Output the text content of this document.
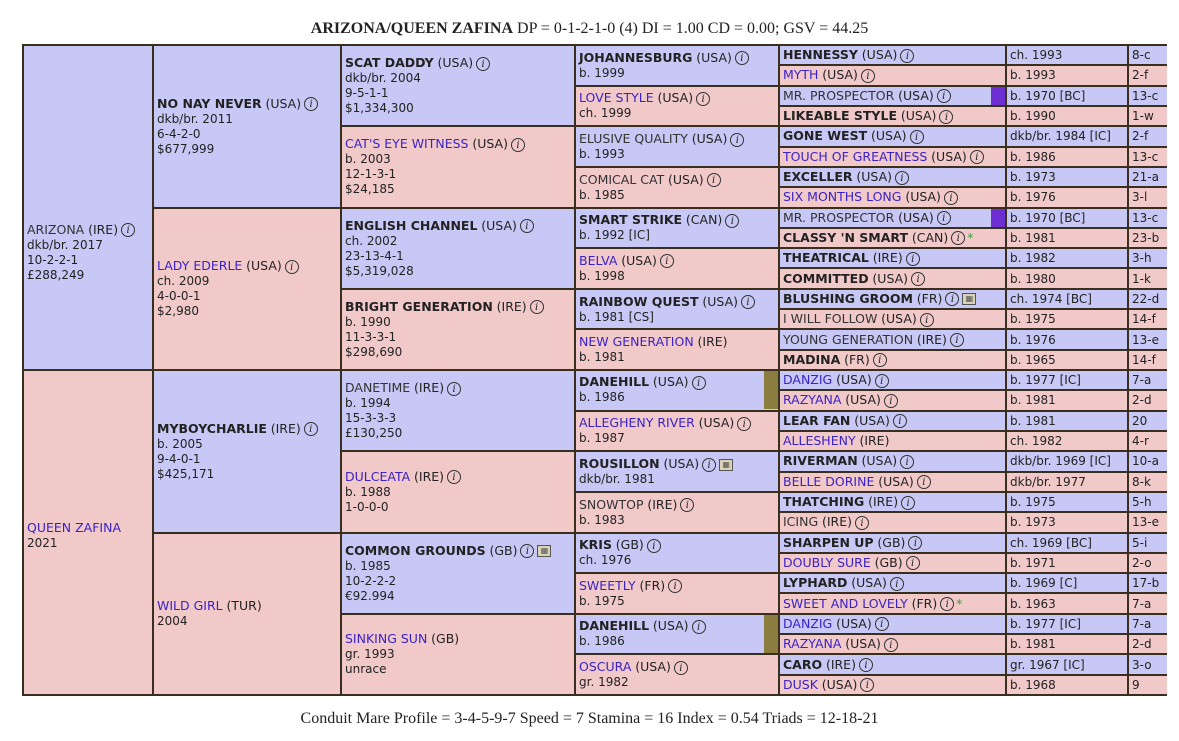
ARIZONA/QUEEN ZAFINA DP = 0-1-2-1-0 (4) DI = 1.00 CD = 0.00; GSV = 44.25
ARIZONA (IRE) i
dkb/br. 2017
10-2-2-1
£288,249	NO NAY NEVER (USA) i
dkb/br. 2011
6-4-2-0
$677,999	SCAT DADDY (USA) i
dkb/br. 2004
9-5-1-1
$1,334,300	JOHANNESBURG (USA) i
b. 1999	HENNESSY (USA) i	ch. 1993	8-c
				MYTH (USA) i	b. 1993	2-f
			LOVE STYLE (USA) i
ch. 1999	MR. PROSPECTOR (USA) i	b. 1970 [BC]	13-c
				LIKEABLE STYLE (USA) i	b. 1990	1-w
		CAT'S EYE WITNESS (USA) i
b. 2003
12-1-3-1
$24,185	ELUSIVE QUALITY (USA) i
b. 1993	GONE WEST (USA) i	dkb/br. 1984 [IC]	2-f
				TOUCH OF GREATNESS (USA) i	b. 1986	13-c
			COMICAL CAT (USA) i
b. 1985	EXCELLER (USA) i	b. 1973	21-a
				SIX MONTHS LONG (USA) i	b. 1976	3-l
	LADY EDERLE (USA) i
ch. 2009
4-0-0-1
$2,980	ENGLISH CHANNEL (USA) i
ch. 2002
23-13-4-1
$5,319,028	SMART STRIKE (CAN) i
b. 1992 [IC]	MR. PROSPECTOR (USA) i	b. 1970 [BC]	13-c
				CLASSY 'N SMART (CAN) i *	b. 1981	23-b
			BELVA (USA) i
b. 1998	THEATRICAL (IRE) i	b. 1982	3-h
				COMMITTED (USA) i	b. 1980	1-k
		BRIGHT GENERATION (IRE) i
b. 1990
11-3-3-1
$298,690	RAINBOW QUEST (USA) i
b. 1981 [CS]	BLUSHING GROOM (FR) i ▦	ch. 1974 [BC]	22-d
				I WILL FOLLOW (USA) i	b. 1975	14-f
			NEW GENERATION (IRE)
b. 1981	YOUNG GENERATION (IRE) i	b. 1976	13-e
				MADINA (FR) i	b. 1965	14-f
QUEEN ZAFINA
2021	MYBOYCHARLIE (IRE) i
b. 2005
9-4-0-1
$425,171	DANETIME (IRE) i
b. 1994
15-3-3-3
£130,250	DANEHILL (USA) i
b. 1986	DANZIG (USA) i	b. 1977 [IC]	7-a
				RAZYANA (USA) i	b. 1981	2-d
			ALLEGHENY RIVER (USA) i
b. 1987	LEAR FAN (USA) i	b. 1981	20
				ALLESHENY (IRE)	ch. 1982	4-r
		DULCEATA (IRE) i
b. 1988
1-0-0-0	ROUSILLON (USA) i ▦
dkb/br. 1981	RIVERMAN (USA) i	dkb/br. 1969 [IC]	10-a
				BELLE DORINE (USA) i	dkb/br. 1977	8-k
			SNOWTOP (IRE) i
b. 1983	THATCHING (IRE) i	b. 1975	5-h
				ICING (IRE) i	b. 1973	13-e
	WILD GIRL (TUR)
2004	COMMON GROUNDS (GB) i ▦
b. 1985
10-2-2-2
€92.994	KRIS (GB) i
ch. 1976	SHARPEN UP (GB) i	ch. 1969 [BC]	5-i
				DOUBLY SURE (GB) i	b. 1971	2-o
			SWEETLY (FR) i
b. 1975	LYPHARD (USA) i	b. 1969 [C]	17-b
				SWEET AND LOVELY (FR) i *	b. 1963	7-a
		SINKING SUN (GB)
gr. 1993
unrace	DANEHILL (USA) i
b. 1986	DANZIG (USA) i	b. 1977 [IC]	7-a
				RAZYANA (USA) i	b. 1981	2-d
			OSCURA (USA) i
gr. 1982	CARO (IRE) i	gr. 1967 [IC]	3-o
				DUSK (USA) i	b. 1968	9
Conduit Mare Profile = 3-4-5-9-7 Speed = 7 Stamina = 16 Index = 0.54 Triads = 12-18-21
